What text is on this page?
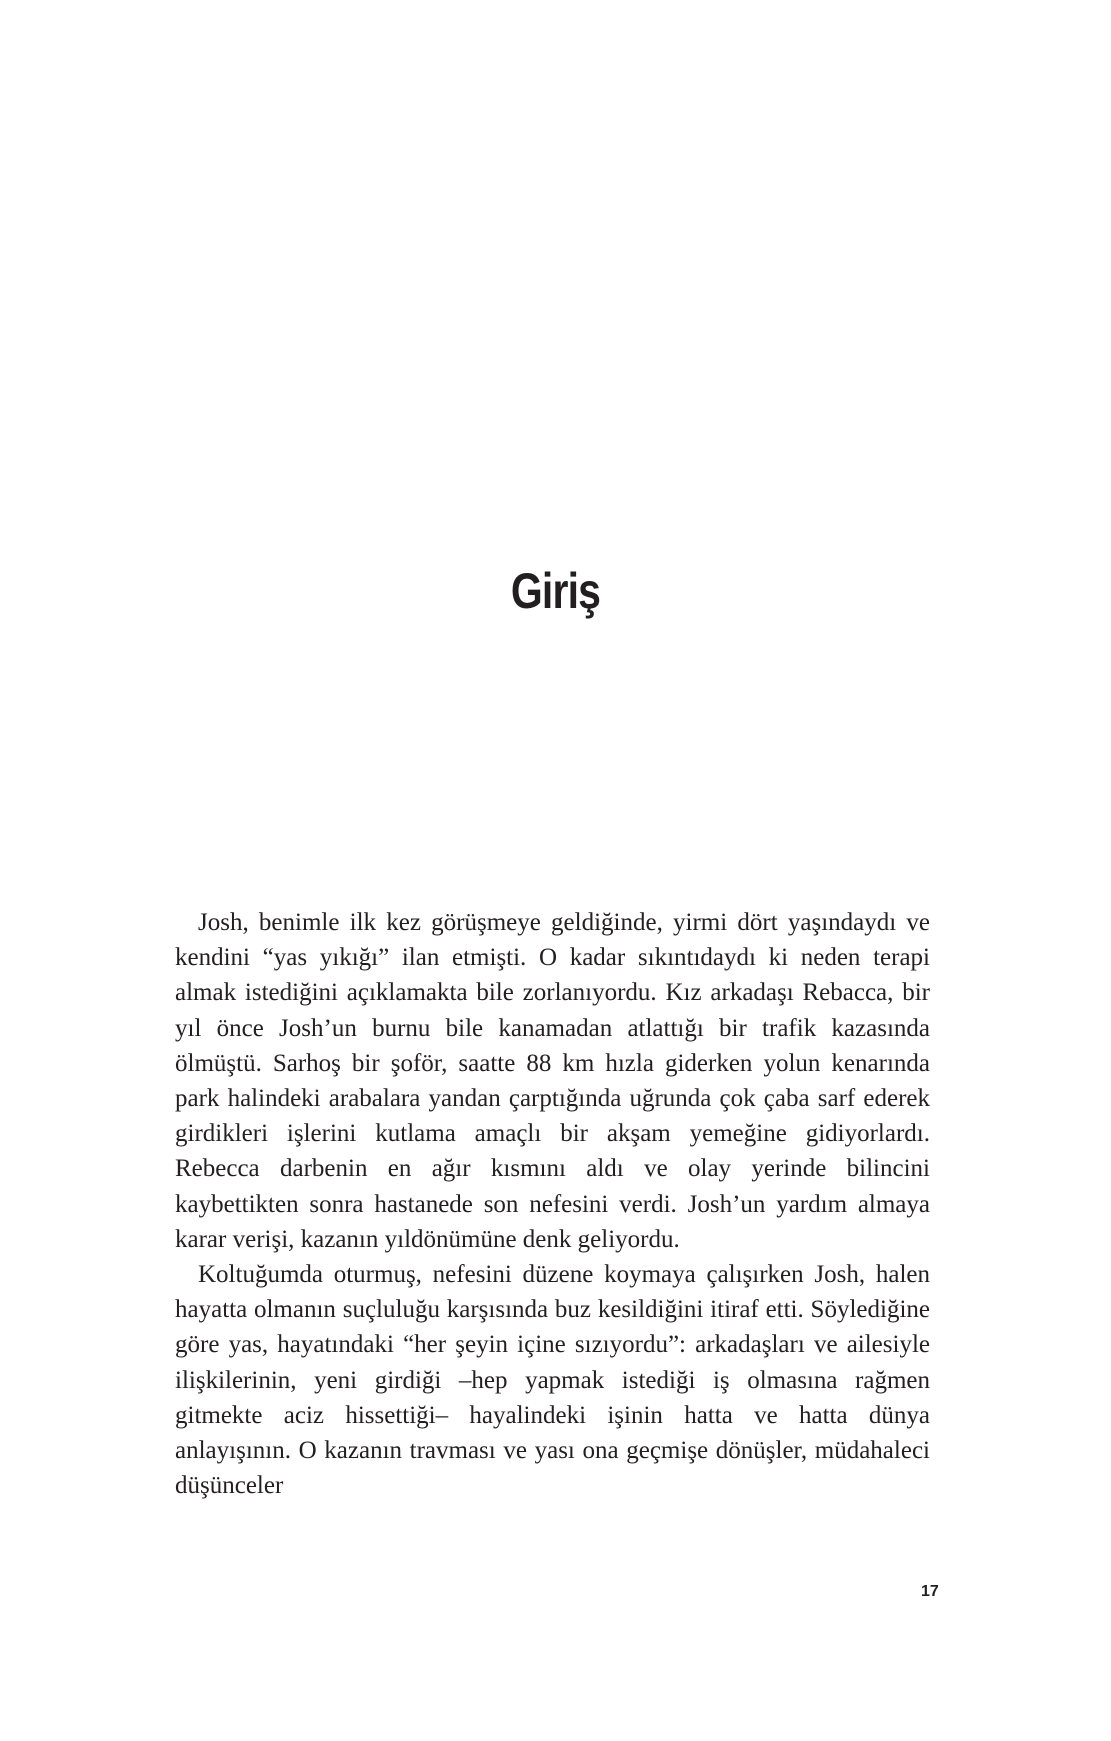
Giriş

Josh, benimle ilk kez görüşmeye geldiğinde, yirmi dört yaşındaydı ve kendini “yas yıkığı” ilan etmişti. O kadar sıkıntıdaydı ki neden terapi almak istediğini açıklamakta bile zorlanıyordu. Kız arkadaşı Rebacca, bir yıl önce Josh’un burnu bile kanamadan atlattığı bir trafik kazasında ölmüştü. Sarhoş bir şoför, saatte 88 km hızla giderken yolun kenarında park halindeki arabalara yandan çarptığında uğrunda çok çaba sarf ederek girdikleri işlerini kutlama amaçlı bir akşam yemeğine gidiyorlardı. Rebecca darbenin en ağır kısmını aldı ve olay yerinde bilincini kaybettikten sonra hastanede son nefesini verdi. Josh’un yardım almaya karar verişi, kazanın yıldönümüne denk geliyordu.

Koltuğumda oturmuş, nefesini düzene koymaya çalışırken Josh, halen hayatta olmanın suçluluğu karşısında buz kesildiğini itiraf etti. Söylediğine göre yas, hayatındaki “her şeyin içine sızıyordu”: arkadaşları ve ailesiyle ilişkilerinin, yeni girdiği –hep yapmak istediği iş olmasına rağmen gitmekte aciz hissettiği– hayalindeki işinin hatta ve hatta dünya anlayışının. O kazanın travması ve yası ona geçmişe dönüşler, müdahaleci düşünceler

17
